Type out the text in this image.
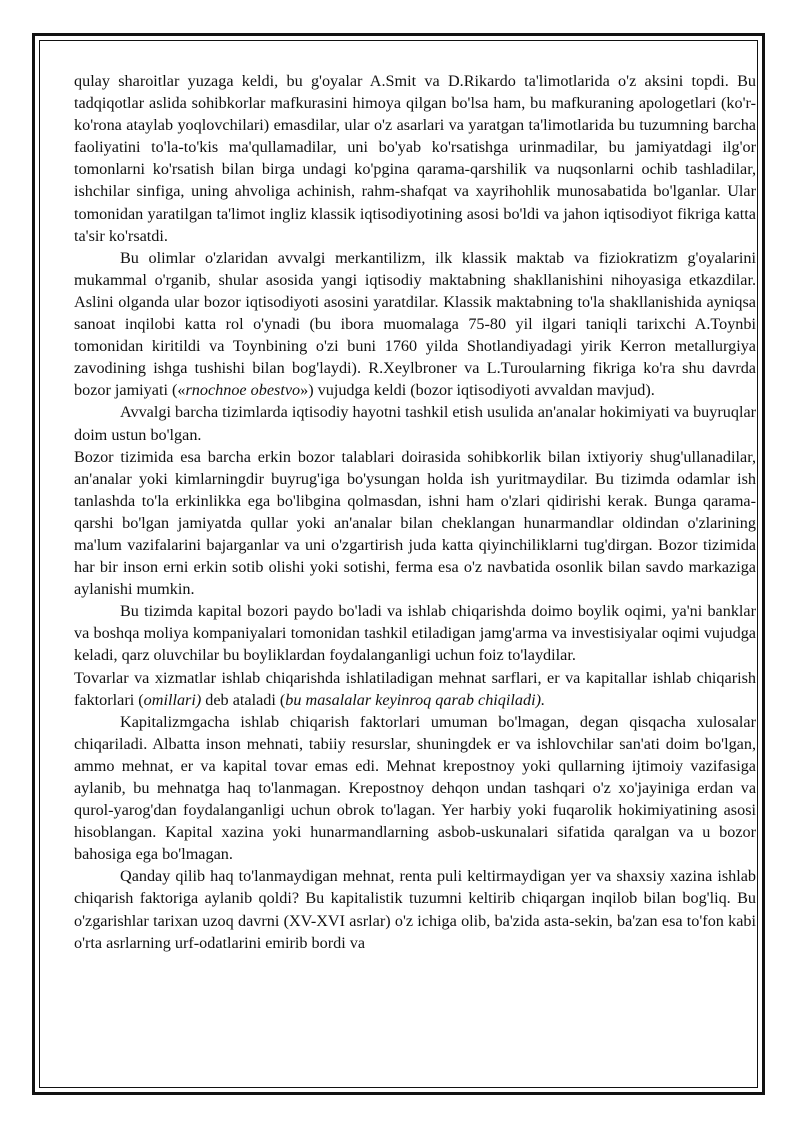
qulay sharoitlar yuzaga keldi, bu g'oyalar A.Smit va D.Rikardo ta'limotlarida o'z aksini topdi. Bu tadqiqotlar aslida sohibkorlar mafkurasini himoya qilgan bo'lsa ham, bu mafkuraning apologetlari (ko'r-ko'rona ataylab yoqlovchilari) emasdilar, ular o'z asarlari va yaratgan ta'limotlarida bu tuzumning barcha faoliyatini to'la-to'kis ma'qullamadilar, uni bo'yab ko'rsatishga urinmadilar, bu jamiyatdagi ilg'or tomonlarni ko'rsatish bilan birga undagi ko'pgina qarama-qarshilik va nuqsonlarni ochib tashladilar, ishchilar sinfiga, uning ahvoliga achinish, rahm-shafqat va xayrihohlik munosabatida bo'lganlar. Ular tomonidan yaratilgan ta'limot ingliz klassik iqtisodiyotining asosi bo'ldi va jahon iqtisodiyot fikriga katta ta'sir ko'rsatdi.

Bu olimlar o'zlaridan avvalgi merkantilizm, ilk klassik maktab va fiziokratizm g'oyalarini mukammal o'rganib, shular asosida yangi iqtisodiy maktabning shakllanishini nihoyasiga etkazdilar. Aslini olganda ular bozor iqtisodiyoti asosini yaratdilar. Klassik maktabning to'la shakllanishida ayniqsa sanoat inqilobi katta rol o'ynadi (bu ibora muomalaga 75-80 yil ilgari taniqli tarixchi A.Toynbi tomonidan kiritildi va Toynbining o'zi buni 1760 yilda Shotlandiyadagi yirik Kerron metallurgiya zavodining ishga tushishi bilan bog'laydi). R.Xeylbroner va L.Turoularning fikriga ko'ra shu davrda bozor jamiyati («rnochnoe obestvo») vujudga keldi (bozor iqtisodiyoti avvaldan mavjud).

Avvalgi barcha tizimlarda iqtisodiy hayotni tashkil etish usulida an'analar hokimiyati va buyruqlar doim ustun bo'lgan.

Bozor tizimida esa barcha erkin bozor talablari doirasida sohibkorlik bilan ixtiyoriy shug'ullanadilar, an'analar yoki kimlarningdir buyrug'iga bo'ysungan holda ish yuritmaydilar. Bu tizimda odamlar ish tanlashda to'la erkinlikka ega bo'libgina qolmasdan, ishni ham o'zlari qidirishi kerak. Bunga qarama-qarshi bo'lgan jamiyatda qullar yoki an'analar bilan cheklangan hunarmandlar oldindan o'zlarining ma'lum vazifalarini bajarganlar va uni o'zgartirish juda katta qiyinchiliklarni tug'dirgan. Bozor tizimida har bir inson erni erkin sotib olishi yoki sotishi, ferma esa o'z navbatida osonlik bilan savdo markaziga aylanishi mumkin.

Bu tizimda kapital bozori paydo bo'ladi va ishlab chiqarishda doimo boylik oqimi, ya'ni banklar va boshqa moliya kompaniyalari tomonidan tashkil etiladigan jamg'arma va investisiyalar oqimi vujudga keladi, qarz oluvchilar bu boyliklardan foydalanganligi uchun foiz to'laydilar.

Tovarlar va xizmatlar ishlab chiqarishda ishlatiladigan mehnat sarflari, er va kapitallar ishlab chiqarish faktorlari (omillari) deb ataladi (bu masalalar keyinroq qarab chiqiladi).

Kapitalizmgacha ishlab chiqarish faktorlari umuman bo'lmagan, degan qisqacha xulosalar chiqariladi. Albatta inson mehnati, tabiiy resurslar, shuningdek er va ishlovchilar san'ati doim bo'lgan, ammo mehnat, er va kapital tovar emas edi. Mehnat krepostnoy yoki qullarning ijtimoiy vazifasiga aylanib, bu mehnatga haq to'lanmagan. Krepostnoy dehqon undan tashqari o'z xo'jayiniga erdan va qurol-yarog'dan foydalanganligi uchun obrok to'lagan. Yer harbiy yoki fuqarolik hokimiyatining asosi hisoblangan. Kapital xazina yoki hunarmandlarning asbob-uskunalari sifatida qaralgan va u bozor bahosiga ega bo'lmagan.

Qanday qilib haq to'lanmaydigan mehnat, renta puli keltirmaydigan yer va shaxsiy xazina ishlab chiqarish faktoriga aylanib qoldi? Bu kapitalistik tuzumni keltirib chiqargan inqilob bilan bog'liq. Bu o'zgarishlar tarixan uzoq davrni (XV-XVI asrlar) o'z ichiga olib, ba'zida asta-sekin, ba'zan esa to'fon kabi o'rta asrlarning urf-odatlarini emirib bordi va
